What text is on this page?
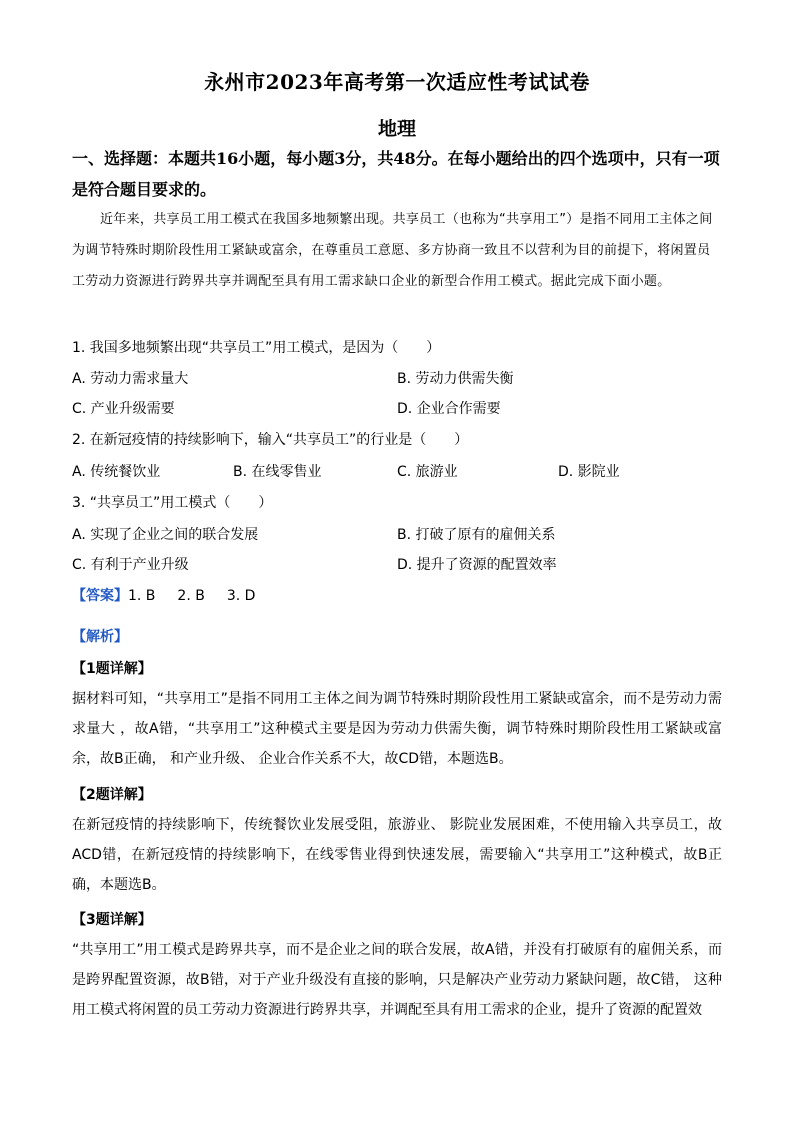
永州市2023年高考第一次适应性考试试卷
地理
一、选择题：本题共16小题，每小题3分，共48分。在每小题给出的四个选项中，只有一项是符合题目要求的。

近年来，共享员工用工模式在我国多地频繁出现。共享员工（也称为“共享用工”）是指不同用工主体之间为调节特殊时期阶段性用工紧缺或富余，在尊重员工意愿、多方协商一致且不以营利为目的前提下，将闲置员工劳动力资源进行跨界共享并调配至具有用工需求缺口企业的新型合作用工模式。据此完成下面小题。

1. 我国多地频繁出现“共享员工”用工模式，是因为（　　）
A. 劳动力需求量大	B. 劳动力供需失衡
C. 产业升级需要	D. 企业合作需要
2. 在新冠疫情的持续影响下，输入“共享员工”的行业是（　　）
A. 传统餐饮业	B. 在线零售业	C. 旅游业	D. 影院业
3. “共享员工”用工模式（　　）
A. 实现了企业之间的联合发展	B. 打破了原有的雇佣关系
C. 有利于产业升级	D. 提升了资源的配置效率
【答案】1. B 2. B 3. D
【解析】
【1题详解】
据材料可知，“共享用工”是指不同用工主体之间为调节特殊时期阶段性用工紧缺或富余，而不是劳动力需求量大 ，故A错，“共享用工”这种模式主要是因为劳动力供需失衡，调节特殊时期阶段性用工紧缺或富余，故B正确， 和产业升级、 企业合作关系不大，故CD错，本题选B。
【2题详解】
在新冠疫情的持续影响下，传统餐饮业发展受阻，旅游业、 影院业发展困难，不使用输入共享员工，故ACD错，在新冠疫情的持续影响下，在线零售业得到快速发展，需要输入“共享用工”这种模式，故B正确，本题选B。
【3题详解】
“共享用工”用工模式是跨界共享，而不是企业之间的联合发展，故A错，并没有打破原有的雇佣关系，而是跨界配置资源，故B错，对于产业升级没有直接的影响，只是解决产业劳动力紧缺问题，故C错， 这种用工模式将闲置的员工劳动力资源进行跨界共享，并调配至具有用工需求的企业，提升了资源的配置效
